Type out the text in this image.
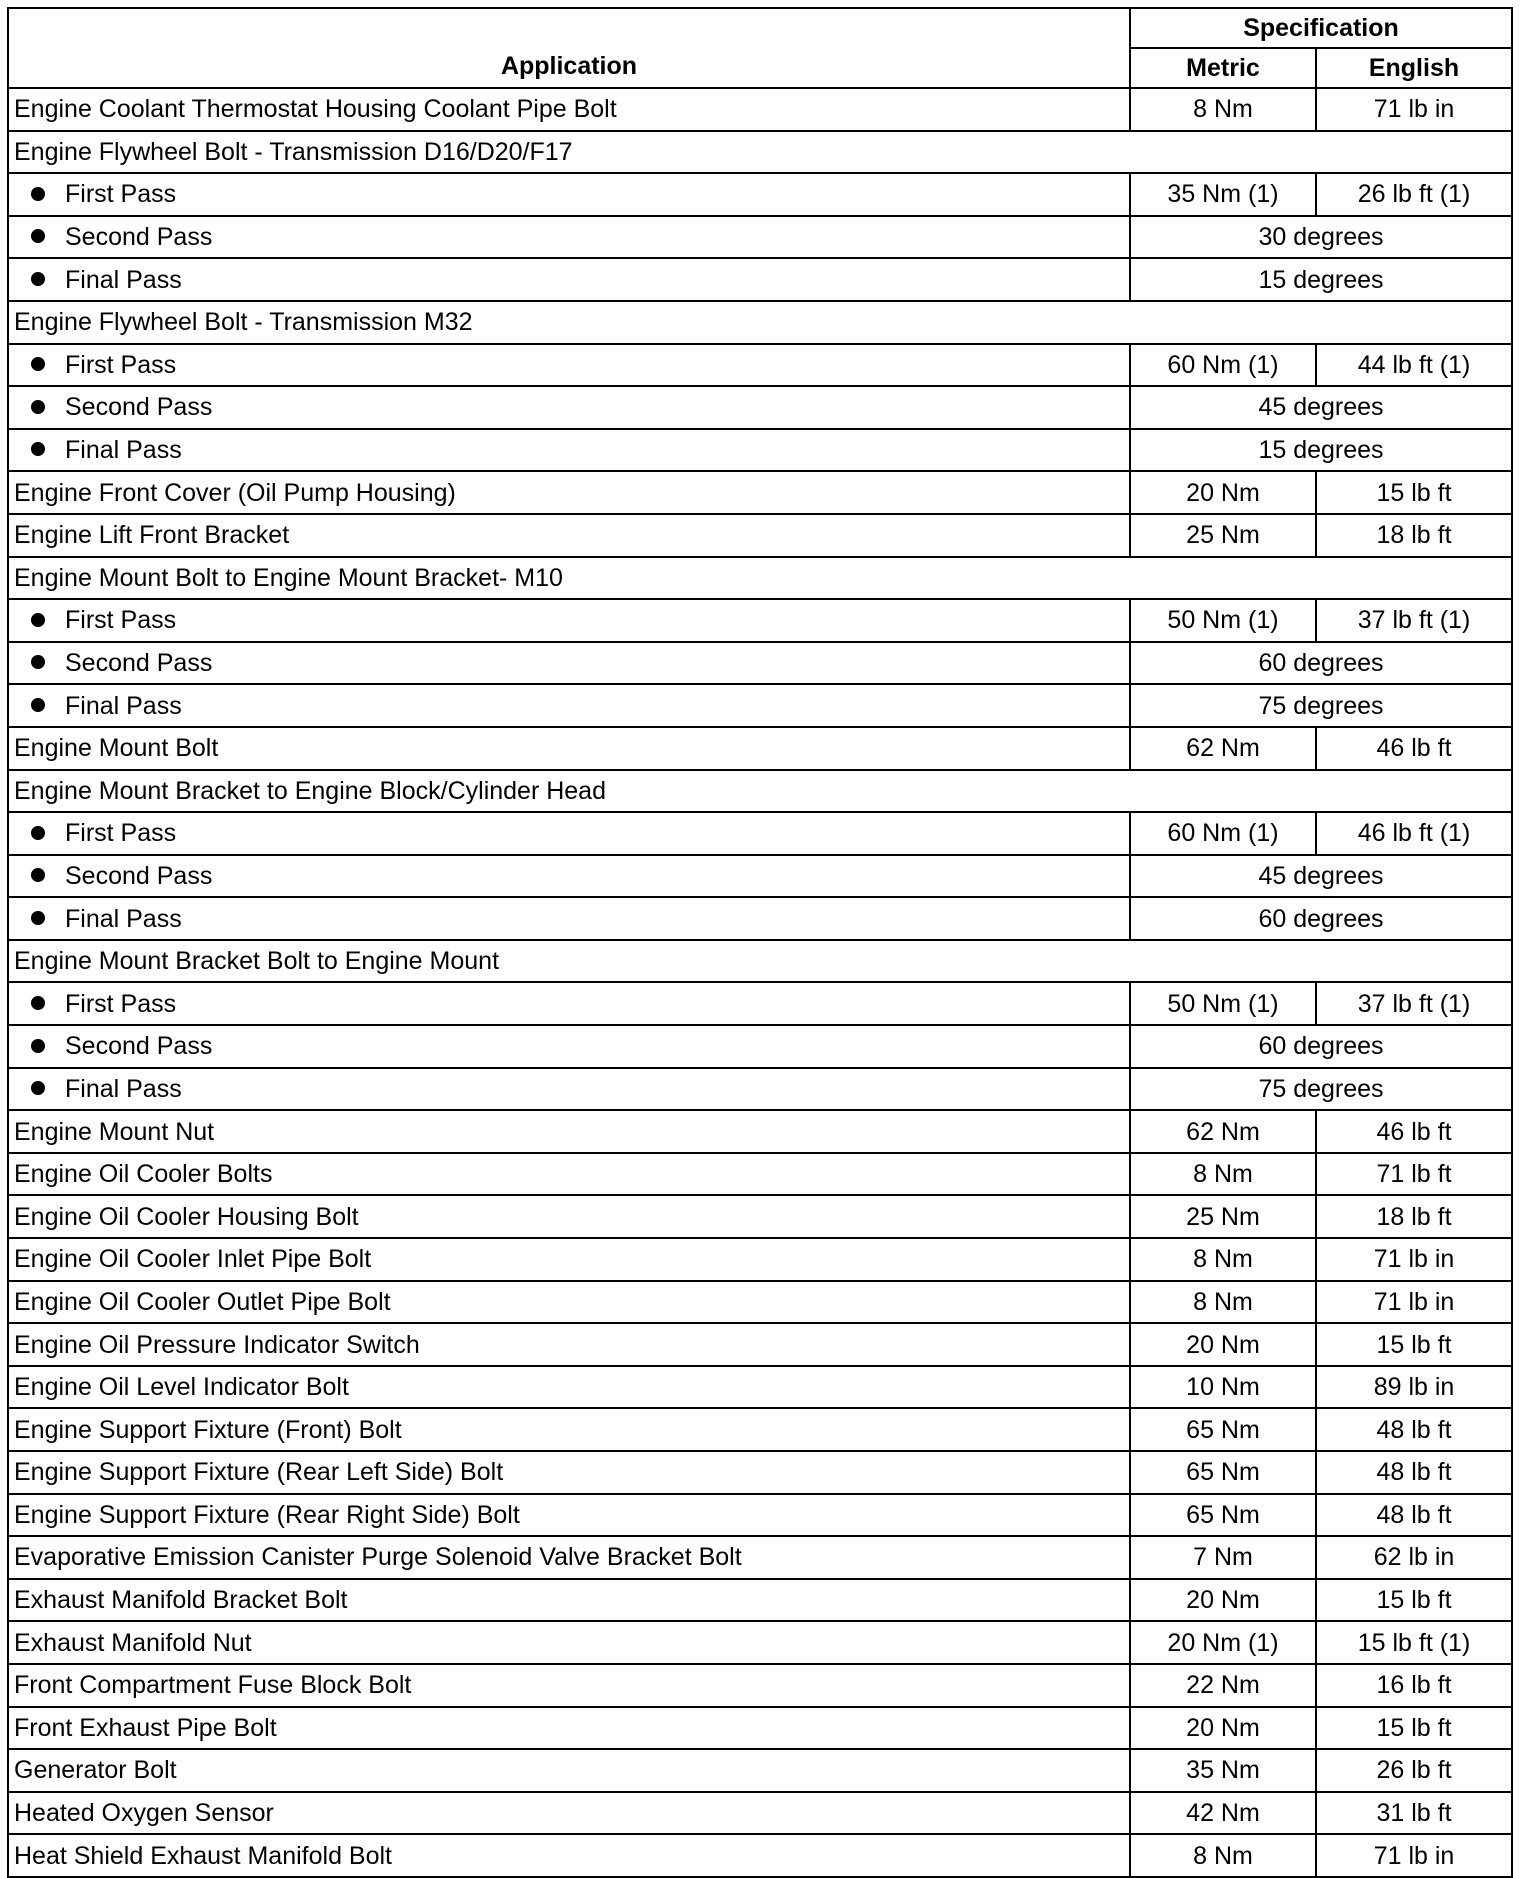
Application	Specification	
	Metric	English
Engine Coolant Thermostat Housing Coolant Pipe Bolt	8 Nm	71 lb in
Engine Flywheel Bolt - Transmission D16/D20/F17		
First Pass	35 Nm (1)	26 lb ft (1)
Second Pass	30 degrees	
Final Pass	15 degrees	
Engine Flywheel Bolt - Transmission M32		
First Pass	60 Nm (1)	44 lb ft (1)
Second Pass	45 degrees	
Final Pass	15 degrees	
Engine Front Cover (Oil Pump Housing)	20 Nm	15 lb ft
Engine Lift Front Bracket	25 Nm	18 lb ft
Engine Mount Bolt to Engine Mount Bracket- M10		
First Pass	50 Nm (1)	37 lb ft (1)
Second Pass	60 degrees	
Final Pass	75 degrees	
Engine Mount Bolt	62 Nm	46 lb ft
Engine Mount Bracket to Engine Block/Cylinder Head		
First Pass	60 Nm (1)	46 lb ft (1)
Second Pass	45 degrees	
Final Pass	60 degrees	
Engine Mount Bracket Bolt to Engine Mount		
First Pass	50 Nm (1)	37 lb ft (1)
Second Pass	60 degrees	
Final Pass	75 degrees	
Engine Mount Nut	62 Nm	46 lb ft
Engine Oil Cooler Bolts	8 Nm	71 lb ft
Engine Oil Cooler Housing Bolt	25 Nm	18 lb ft
Engine Oil Cooler Inlet Pipe Bolt	8 Nm	71 lb in
Engine Oil Cooler Outlet Pipe Bolt	8 Nm	71 lb in
Engine Oil Pressure Indicator Switch	20 Nm	15 lb ft
Engine Oil Level Indicator Bolt	10 Nm	89 lb in
Engine Support Fixture (Front) Bolt	65 Nm	48 lb ft
Engine Support Fixture (Rear Left Side) Bolt	65 Nm	48 lb ft
Engine Support Fixture (Rear Right Side) Bolt	65 Nm	48 lb ft
Evaporative Emission Canister Purge Solenoid Valve Bracket Bolt	7 Nm	62 lb in
Exhaust Manifold Bracket Bolt	20 Nm	15 lb ft
Exhaust Manifold Nut	20 Nm (1)	15 lb ft (1)
Front Compartment Fuse Block Bolt	22 Nm	16 lb ft
Front Exhaust Pipe Bolt	20 Nm	15 lb ft
Generator Bolt	35 Nm	26 lb ft
Heated Oxygen Sensor	42 Nm	31 lb ft
Heat Shield Exhaust Manifold Bolt	8 Nm	71 lb in
